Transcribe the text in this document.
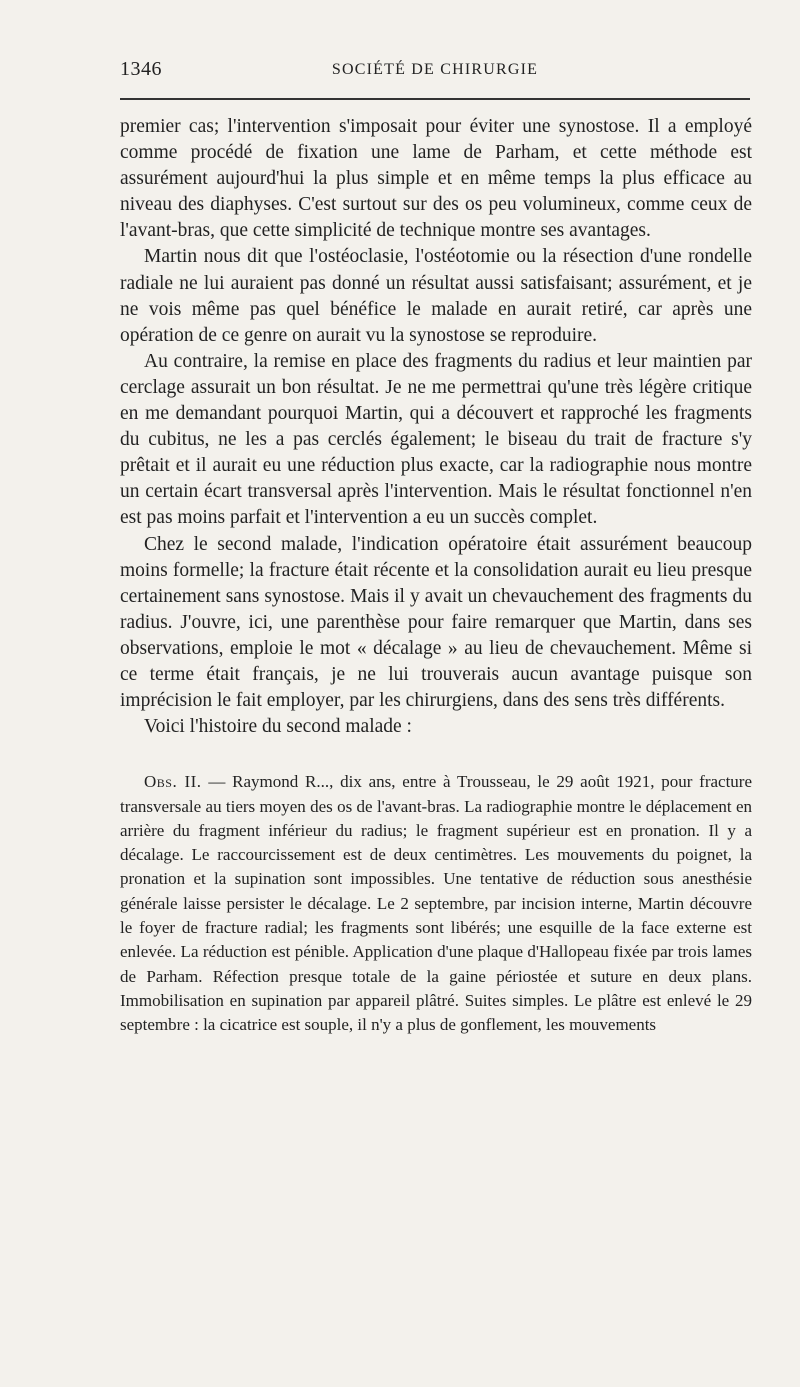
1346	SOCIÉTÉ DE CHIRURGIE

premier cas; l'intervention s'imposait pour éviter une synostose. Il a employé comme procédé de fixation une lame de Parham, et cette méthode est assurément aujourd'hui la plus simple et en même temps la plus efficace au niveau des diaphyses. C'est surtout sur des os peu volumineux, comme ceux de l'avant-bras, que cette simplicité de technique montre ses avantages.

Martin nous dit que l'ostéoclasie, l'ostéotomie ou la résection d'une rondelle radiale ne lui auraient pas donné un résultat aussi satisfaisant; assurément, et je ne vois même pas quel bénéfice le malade en aurait retiré, car après une opération de ce genre on aurait vu la synostose se reproduire.

Au contraire, la remise en place des fragments du radius et leur maintien par cerclage assurait un bon résultat. Je ne me permettrai qu'une très légère critique en me demandant pourquoi Martin, qui a découvert et rapproché les fragments du cubitus, ne les a pas cerclés également; le biseau du trait de fracture s'y prêtait et il aurait eu une réduction plus exacte, car la radiographie nous montre un certain écart transversal après l'intervention. Mais le résultat fonctionnel n'en est pas moins parfait et l'intervention a eu un succès complet.

Chez le second malade, l'indication opératoire était assurément beaucoup moins formelle; la fracture était récente et la consolidation aurait eu lieu presque certainement sans synostose. Mais il y avait un chevauchement des fragments du radius. J'ouvre, ici, une parenthèse pour faire remarquer que Martin, dans ses observations, emploie le mot « décalage » au lieu de chevauchement. Même si ce terme était français, je ne lui trouverais aucun avantage puisque son imprécision le fait employer, par les chirurgiens, dans des sens très différents.

Voici l'histoire du second malade :

Obs. II. — Raymond R..., dix ans, entre à Trousseau, le 29 août 1921, pour fracture transversale au tiers moyen des os de l'avant-bras. La radiographie montre le déplacement en arrière du fragment inférieur du radius; le fragment supérieur est en pronation. Il y a décalage. Le raccourcissement est de deux centimètres. Les mouvements du poignet, la pronation et la supination sont impossibles. Une tentative de réduction sous anesthésie générale laisse persister le décalage. Le 2 septembre, par incision interne, Martin découvre le foyer de fracture radial; les fragments sont libérés; une esquille de la face externe est enlevée. La réduction est pénible. Application d'une plaque d'Hallopeau fixée par trois lames de Parham. Réfection presque totale de la gaine périostée et suture en deux plans. Immobilisation en supination par appareil plâtré. Suites simples. Le plâtre est enlevé le 29 septembre : la cicatrice est souple, il n'y a plus de gonflement, les mouvements
